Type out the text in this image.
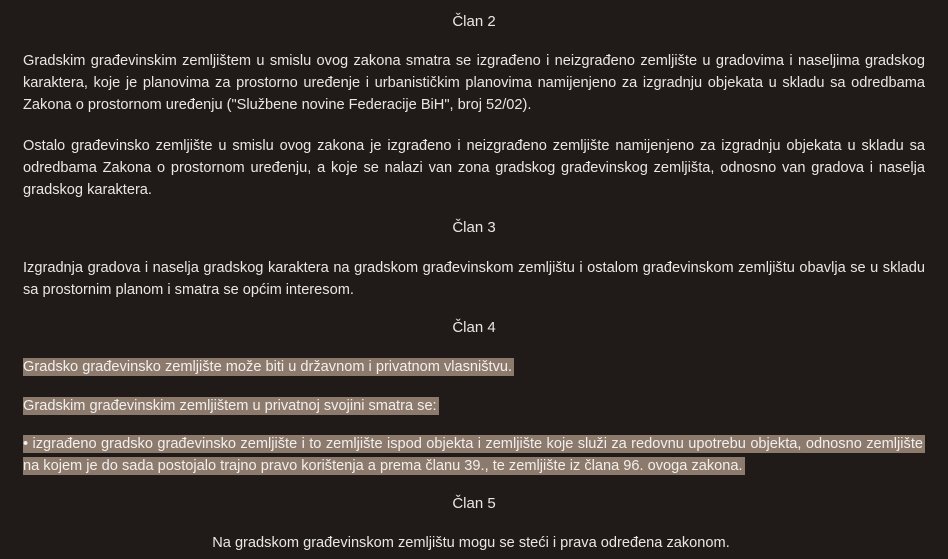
Član 2
Gradskim građevinskim zemljištem u smislu ovog zakona smatra se izgrađeno i neizgrađeno zemljište u gradovima i naseljima gradskog karaktera, koje je planovima za prostorno uređenje i urbanističkim planovima namijenjeno za izgradnju objekata u skladu sa odredbama Zakona o prostornom uređenju ("Službene novine Federacije BiH", broj 52/02).
Ostalo građevinsko zemljište u smislu ovog zakona je izgrađeno i neizgrađeno zemljište namijenjeno za izgradnju objekata u skladu sa odredbama Zakona o prostornom uređenju, a koje se nalazi van zona gradskog građevinskog zemljišta, odnosno van gradova i naselja gradskog karaktera.
Član 3
Izgradnja gradova i naselja gradskog karaktera na gradskom građevinskom zemljištu i ostalom građevinskom zemljištu obavlja se u skladu sa prostornim planom i smatra se općim interesom.
Član 4
Gradsko građevinsko zemljište može biti u državnom i privatnom vlasništvu.
Gradskim građevinskim zemljištem u privatnoj svojini smatra se:
• izgrađeno gradsko građevinsko zemljište i to zemljište ispod objekta i zemljište koje služi za redovnu upotrebu objekta, odnosno zemljište na kojem je do sada postojalo trajno pravo korištenja a prema članu 39., te zemljište iz člana 96. ovoga zakona.
Član 5
Na gradskom građevinskom zemljištu mogu se steći i prava određena zakonom.
